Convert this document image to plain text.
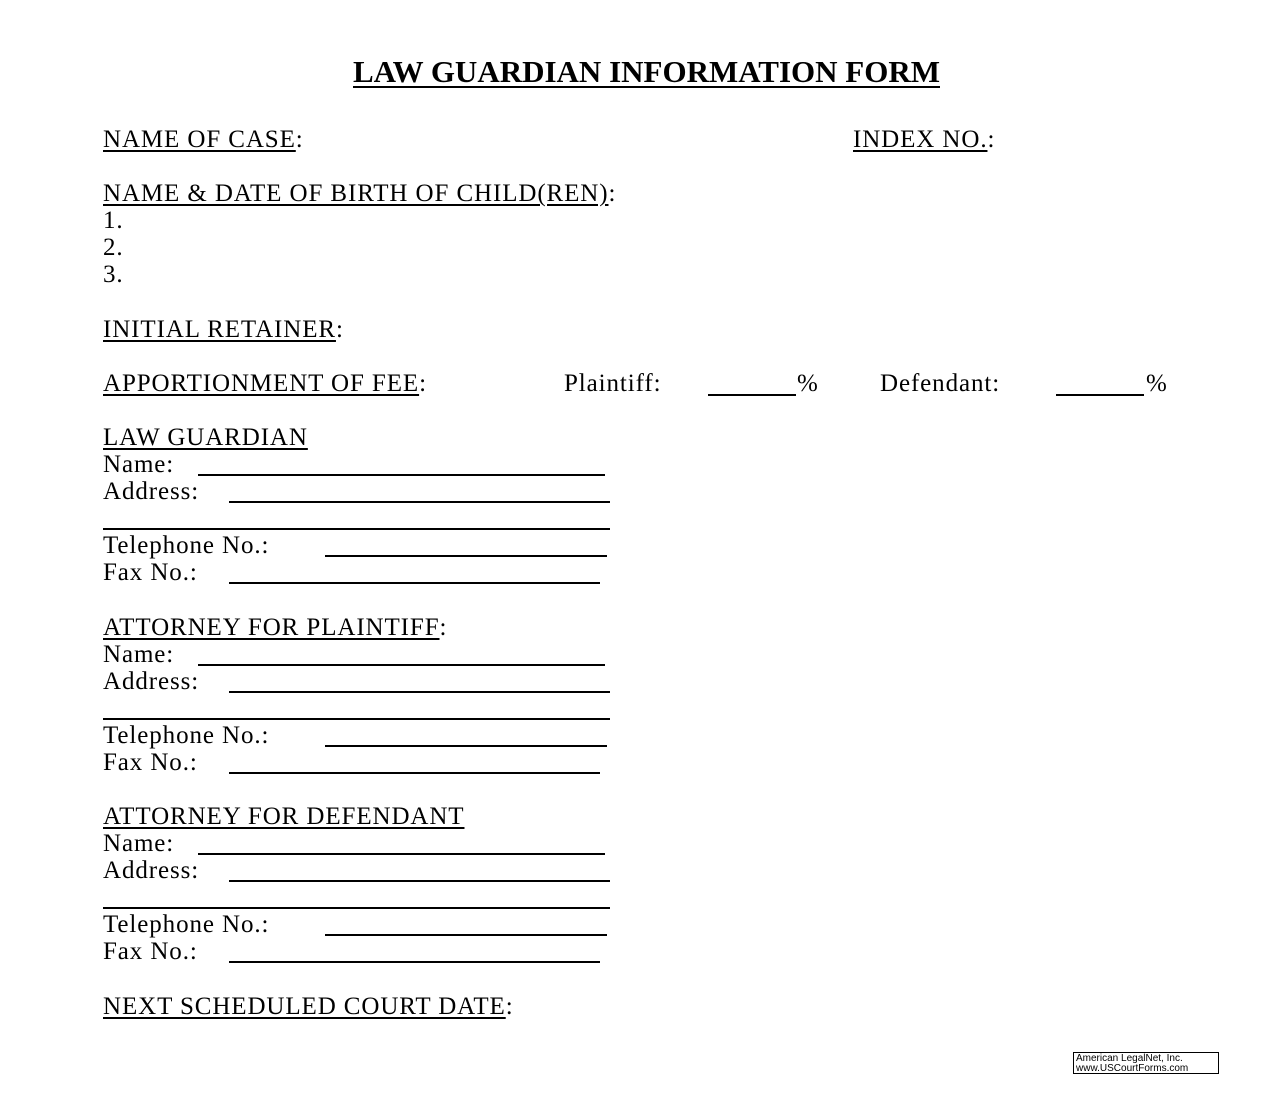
LAW GUARDIAN INFORMATION FORM
NAME OF CASE:	INDEX NO.:
NAME & DATE OF BIRTH OF CHILD(REN):
1.
2.
3.
INITIAL RETAINER:
APPORTIONMENT OF FEE:	Plaintiff:	% Defendant:	%
LAW GUARDIAN
Name:
Address:
Telephone No.:
Fax No.:
ATTORNEY FOR PLAINTIFF:
Name:
Address:
Telephone No.:
Fax No.:
ATTORNEY FOR DEFENDANT
Name:
Address:
Telephone No.:
Fax No.:
NEXT SCHEDULED COURT DATE:
American LegalNet, Inc.
www.USCourtForms.com
